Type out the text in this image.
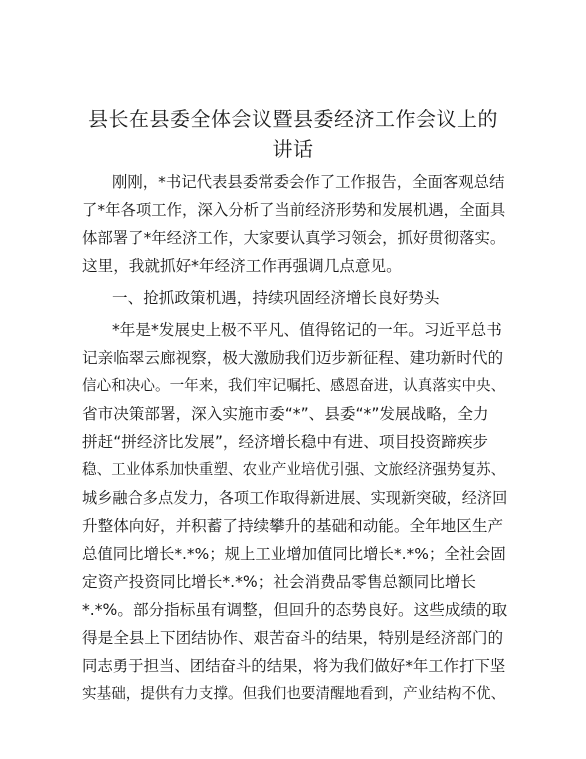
县长在县委全体会议暨县委经济工作会议上的
讲话
刚刚，*书记代表县委常委会作了工作报告，全面客观总结
了*年各项工作，深入分析了当前经济形势和发展机遇，全面具
体部署了*年经济工作，大家要认真学习领会，抓好贯彻落实。
这里，我就抓好*年经济工作再强调几点意见。
一、抢抓政策机遇，持续巩固经济增长良好势头
*年是*发展史上极不平凡、值得铭记的一年。习近平总书
记亲临翠云廊视察，极大激励我们迈步新征程、建功新时代的
信心和决心。一年来，我们牢记嘱托、感恩奋进，认真落实中央、
省市决策部署，深入实施市委“*”、县委“*”发展战略，全力
拼赶“拼经济比发展”，经济增长稳中有进、项目投资蹄疾步
稳、工业体系加快重塑、农业产业培优引强、文旅经济强势复苏、
城乡融合多点发力，各项工作取得新进展、实现新突破，经济回
升整体向好，并积蓄了持续攀升的基础和动能。全年地区生产
总值同比增长*.*%；规上工业增加值同比增长*.*%；全社会固
定资产投资同比增长*.*%；社会消费品零售总额同比增长
*.*%。部分指标虽有调整，但回升的态势良好。这些成绩的取
得是全县上下团结协作、艰苦奋斗的结果，特别是经济部门的
同志勇于担当、团结奋斗的结果，将为我们做好*年工作打下坚
实基础，提供有力支撑。但我们也要清醒地看到，产业结构不优、
